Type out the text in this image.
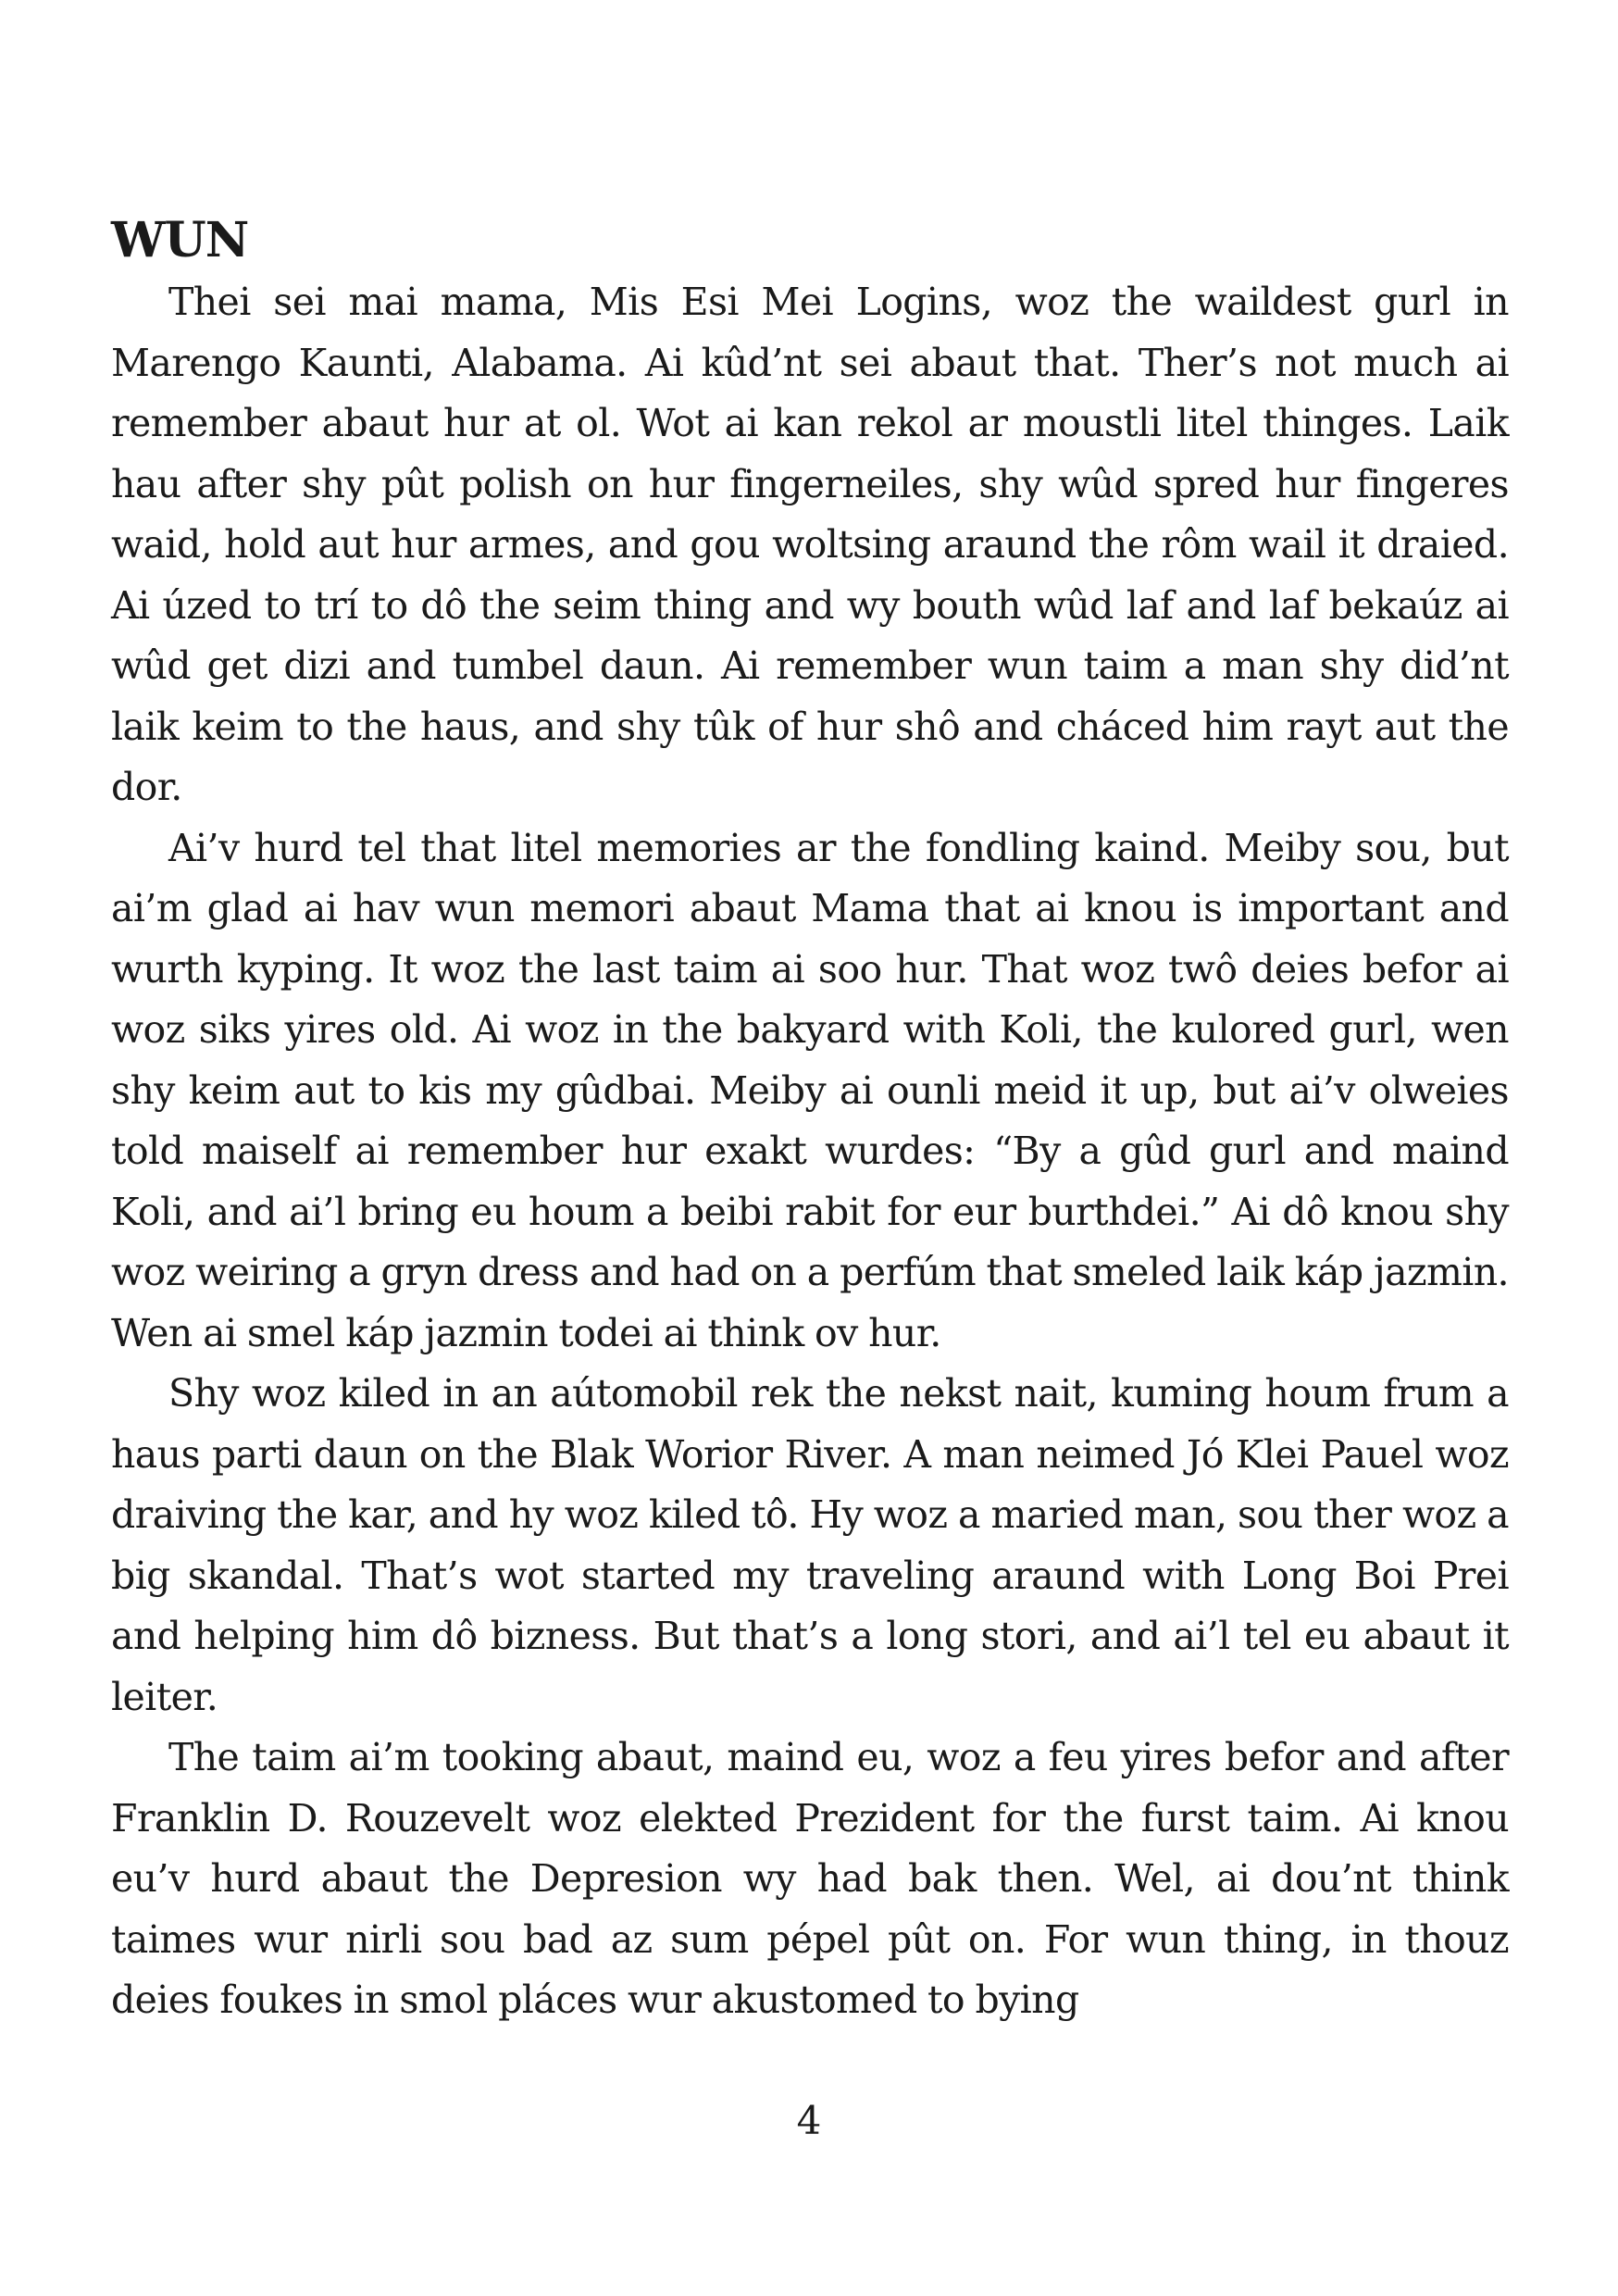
WUN

Thei sei mai mama, Mis Esi Mei Logins, woz the waildest gurl in Marengo Kaunti, Alabama. Ai kûd’nt sei abaut that. Ther’s not much ai remember abaut hur at ol. Wot ai kan rekol ar moustli litel thinges. Laik hau after shy pût polish on hur fingerneiles, shy wûd spred hur fingeres waid, hold aut hur armes, and gou woltsing araund the rôm wail it draied. Ai úzed to trí to dô the seim thing and wy bouth wûd laf and laf bekaúz ai wûd get dizi and tumbel daun. Ai remember wun taim a man shy did’nt laik keim to the haus, and shy tûk of hur shô and cháced him rayt aut the dor.

Ai’v hurd tel that litel memories ar the fondling kaind. Meiby sou, but ai’m glad ai hav wun memori abaut Mama that ai knou is important and wurth kyping. It woz the last taim ai soo hur. That woz twô deies befor ai woz siks yires old. Ai woz in the bakyard with Koli, the kulored gurl, wen shy keim aut to kis my gûdbai. Meiby ai ounli meid it up, but ai’v olweies told maiself ai remember hur exakt wurdes: “By a gûd gurl and maind Koli, and ai’l bring eu houm a beibi rabit for eur burthdei.” Ai dô knou shy woz weiring a gryn dress and had on a perfúm that smeled laik káp jazmin. Wen ai smel káp jazmin todei ai think ov hur.

Shy woz kiled in an aútomobil rek the nekst nait, kuming houm frum a haus parti daun on the Blak Worior River. A man neimed Jó Klei Pauel woz draiving the kar, and hy woz kiled tô. Hy woz a maried man, sou ther woz a big skandal. That’s wot started my traveling araund with Long Boi Prei and helping him dô bizness. But that’s a long stori, and ai’l tel eu abaut it leiter.

The taim ai’m tooking abaut, maind eu, woz a feu yires befor and after Franklin D. Rouzevelt woz elekted Prezident for the furst taim. Ai knou eu’v hurd abaut the Depresion wy had bak then. Wel, ai dou’nt think taimes wur nirli sou bad az sum pépel pût on. For wun thing, in thouz deies foukes in smol pláces wur akustomed to bying

4
